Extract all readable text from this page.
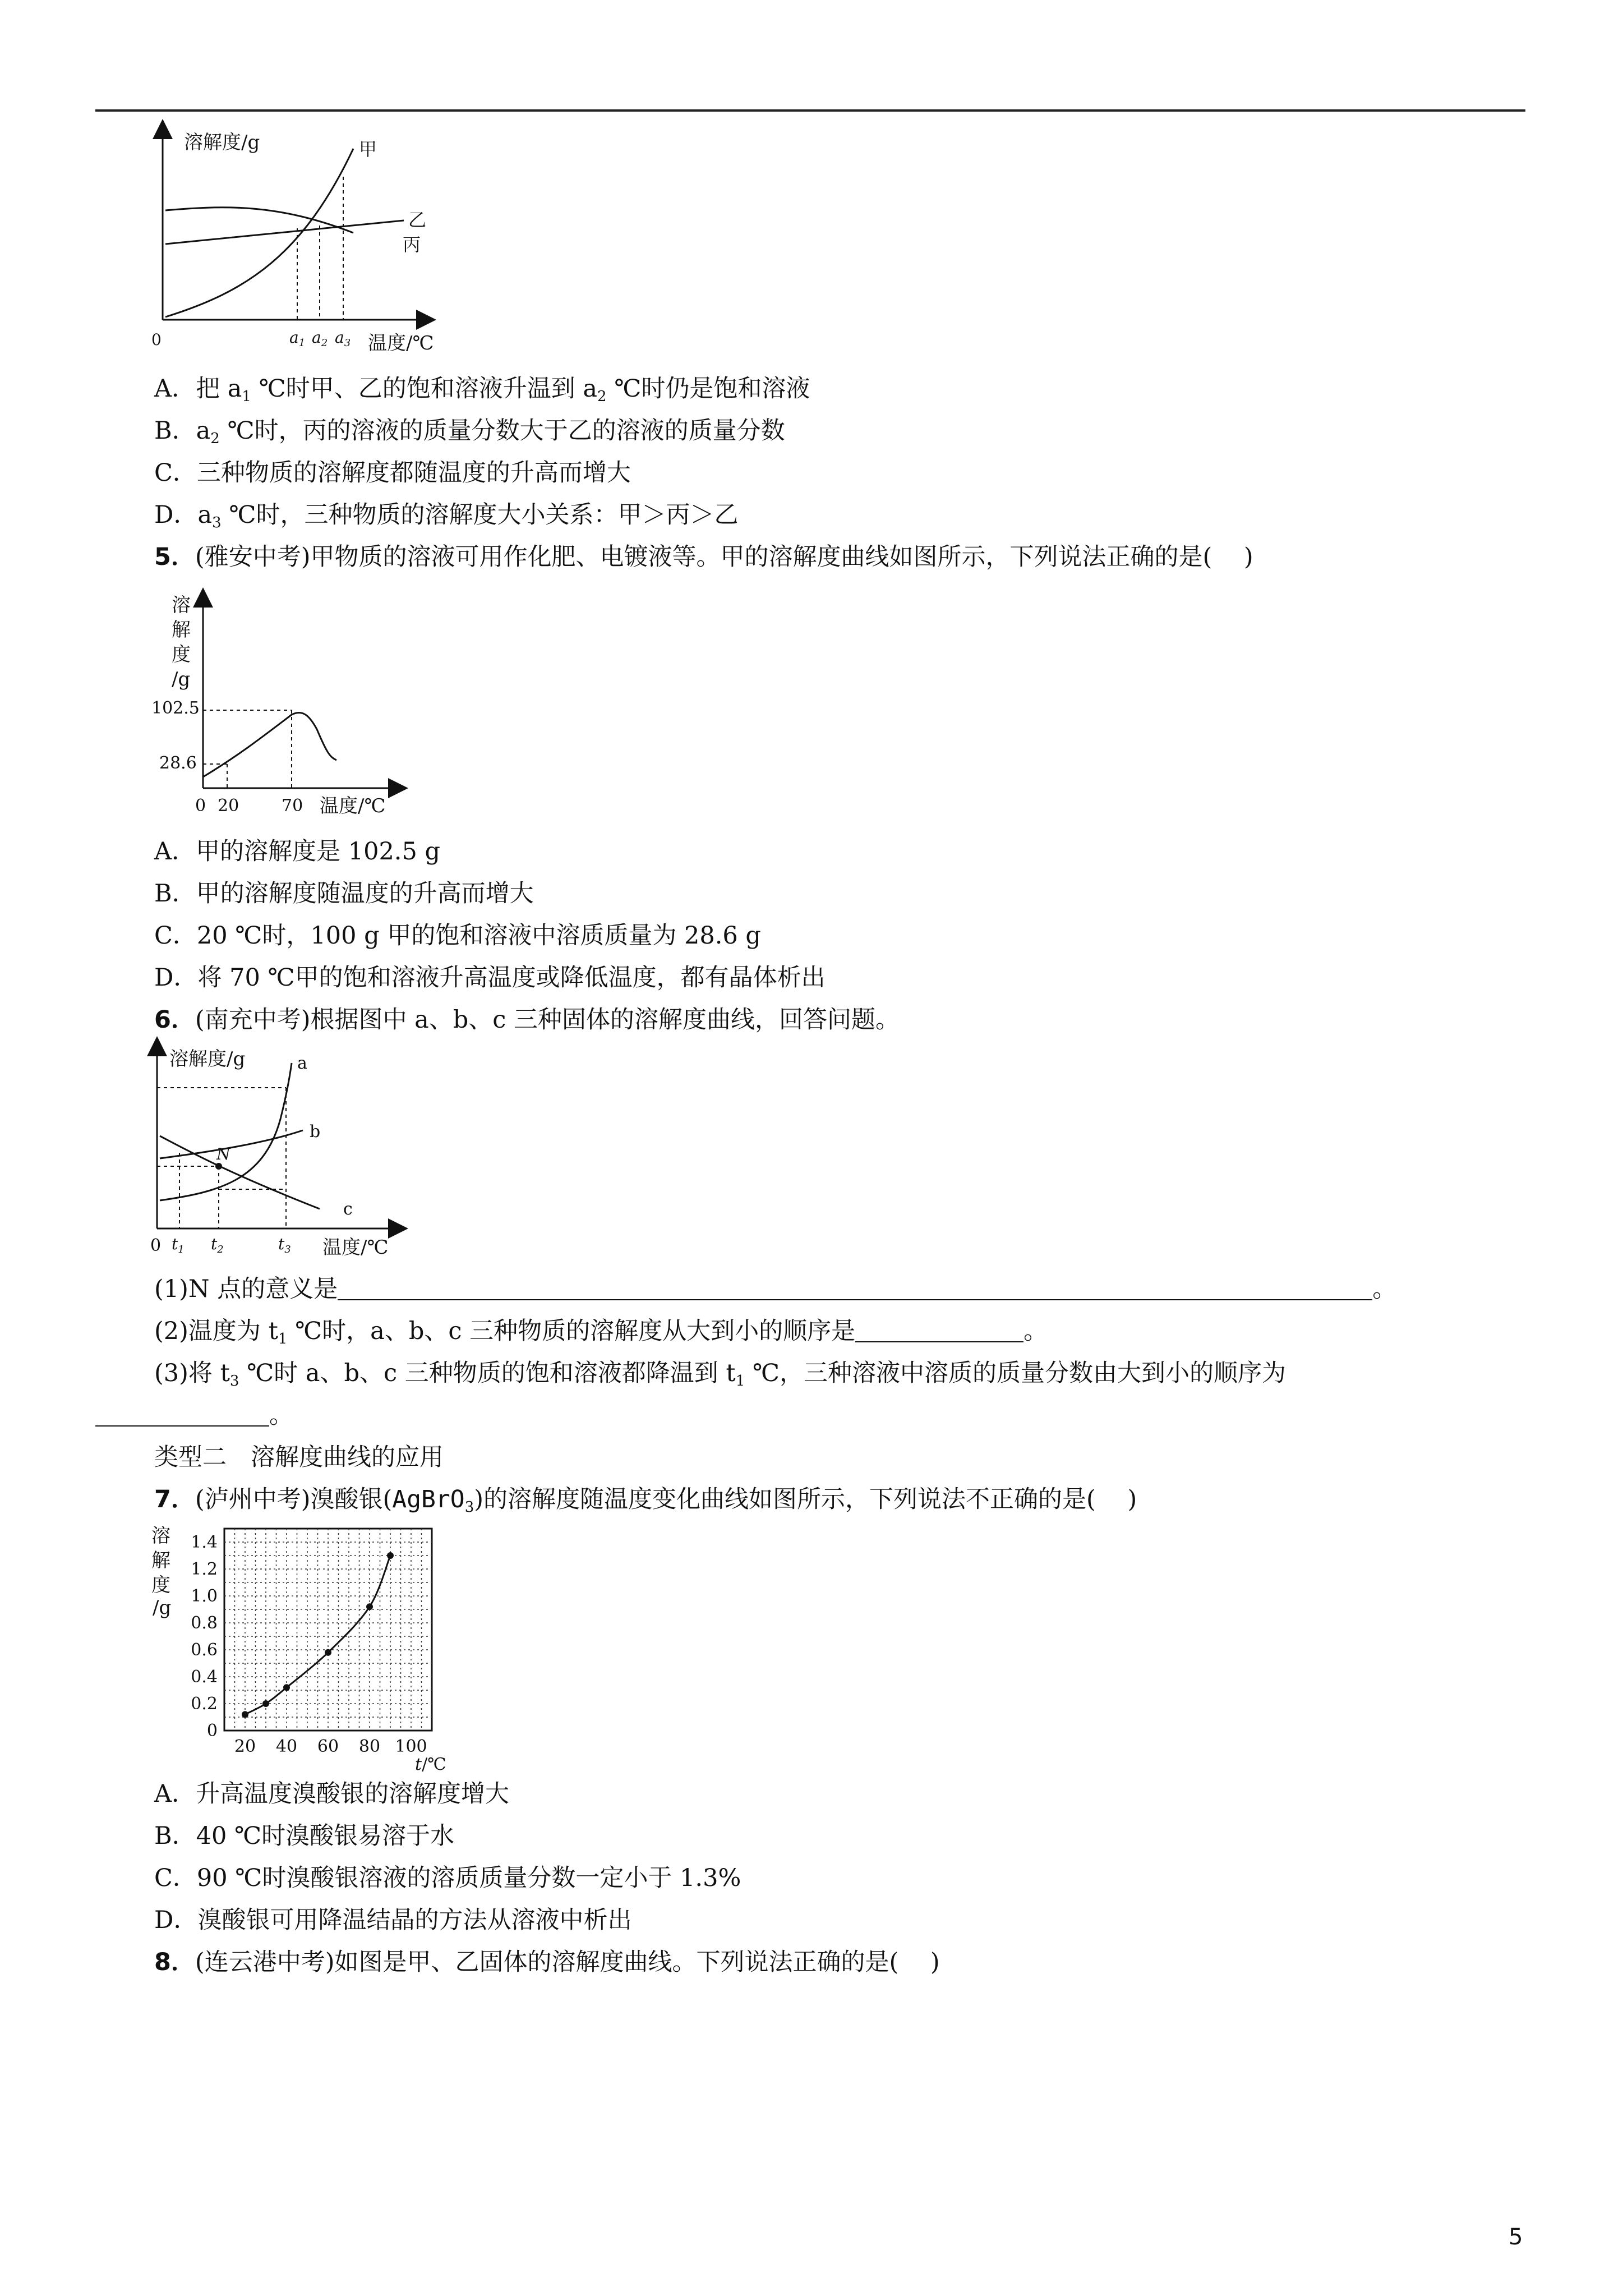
溶解度/g
0	温度/℃
甲
乙
丙
$a_1$ $a_2$ $a_3$
A．把 $a_1$ ℃时甲、乙的饱和溶液升温到 $a_2$ ℃时仍是饱和溶液
B．$a_2$ ℃时，丙的溶液的质量分数大于乙的溶液的质量分数
C．三种物质的溶解度都随温度的升高而增大
D．$a_3$ ℃时，三种物质的溶解度大小关系：甲＞丙＞乙
5．(雅安中考)甲物质的溶液可用作化肥、电镀液等。甲的溶解度曲线如图所示，下列说法正确的是(　 )
溶
解
度
/g
102.5
28.6
0 20	70 温度/℃
A．甲的溶解度是 102.5 g
B．甲的溶解度随温度的升高而增大
C．20 ℃时，100 g 甲的饱和溶液中溶质质量为 28.6 g
D．将 70 ℃甲的饱和溶液升高温度或降低温度，都有晶体析出
6．(南充中考)根据图中 a、b、c 三种固体的溶解度曲线，回答问题。
溶解度/g
0	温度/℃
a
b
c
N
$t_1$ $t_2$	$t_3$
(1)N 点的意义是	。
(2)温度为 $t_1$ ℃时，a、b、c 三种物质的溶解度从大到小的顺序是	。
(3)将 $t_3$ ℃时 a、b、c 三种物质的饱和溶液都降温到 $t_1$ ℃，三种溶液中溶质的质量分数由大到小的顺序为
。
类型二　溶解度曲线的应用
7．(泸州中考)溴酸银(AgBrO$_3$)的溶解度随温度变化曲线如图所示，下列说法不正确的是(　 )
溶
解
度
/g
0
0.2
0.4
0.6
0.8
1.0
1.2
1.4
20 40 60 80 100
t/℃
A．升高温度溴酸银的溶解度增大
B．40 ℃时溴酸银易溶于水
C．90 ℃时溴酸银溶液的溶质质量分数一定小于 1.3%
D．溴酸银可用降温结晶的方法从溶液中析出
8．(连云港中考)如图是甲、乙固体的溶解度曲线。下列说法正确的是(　 )
5
